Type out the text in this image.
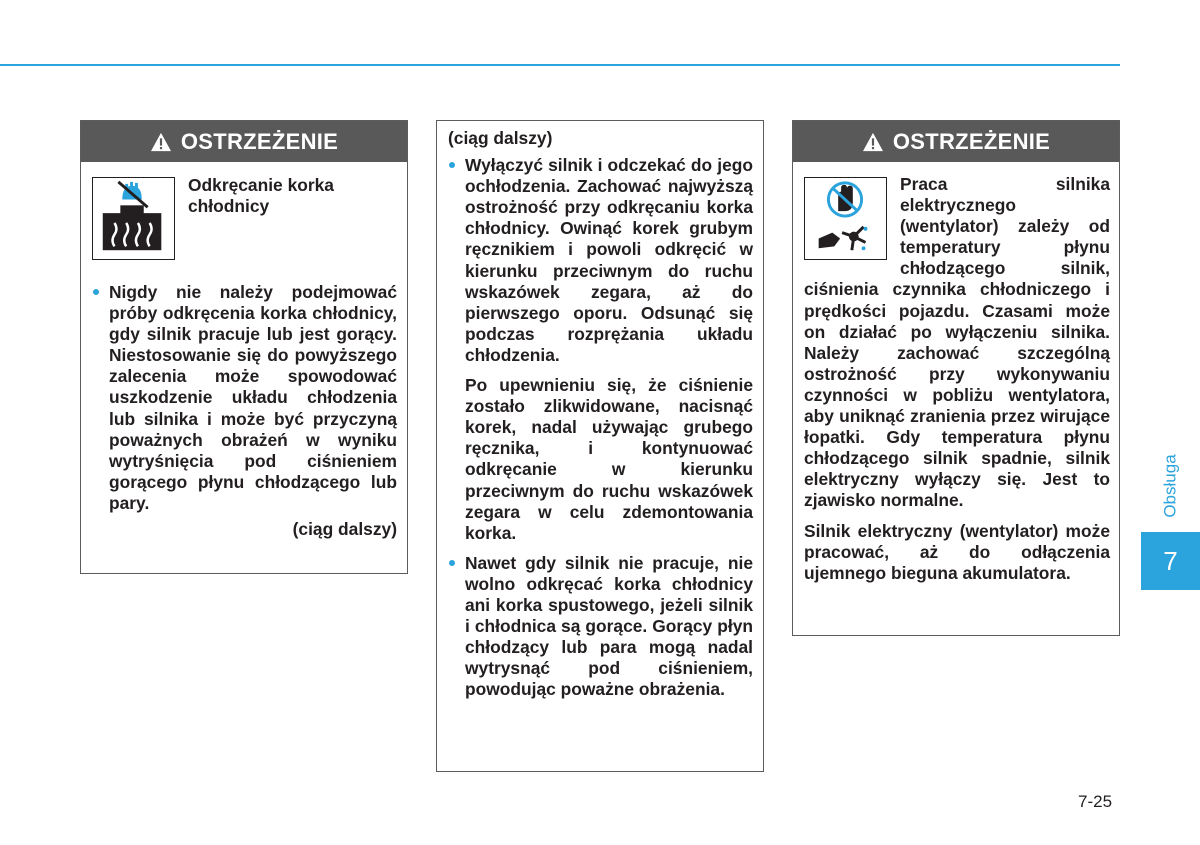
OSTRZEŻENIE
Odkręcanie korka chłodnicy

Nigdy nie należy podejmować próby odkręcenia korka chłodnicy, gdy silnik pracuje lub jest gorący. Niestosowanie się do powyższego zalecenia może spowodować uszkodzenie układu chłodzenia lub silnika i może być przyczyną poważnych obrażeń w wyniku wytryśnięcia pod ciśnieniem gorącego płynu chłodzącego lub pary.

(ciąg dalszy)

(ciąg dalszy)

Wyłączyć silnik i odczekać do jego ochłodzenia. Zachować najwyższą ostrożność przy odkręcaniu korka chłodnicy. Owinąć korek grubym ręcznikiem i powoli odkręcić w kierunku przeciwnym do ruchu wskazówek zegara, aż do pierwszego oporu. Odsunąć się podczas rozprężania układu chłodzenia.

Po upewnieniu się, że ciśnienie zostało zlikwidowane, nacisnąć korek, nadal używając grubego ręcznika, i kontynuować odkręcanie w kierunku przeciwnym do ruchu wskazówek zegara w celu zdemontowania korka.

Nawet gdy silnik nie pracuje, nie wolno odkręcać korka chłodnicy ani korka spustowego, jeżeli silnik i chłodnica są gorące. Gorący płyn chłodzący lub para mogą nadal wytrysnąć pod ciśnieniem, powodując poważne obrażenia.

OSTRZEŻENIE

Praca silnika elektrycznego (wentylator) zależy od temperatury płynu chłodzącego silnik, ciśnienia czynnika chłodniczego i prędkości pojazdu. Czasami może on działać po wyłączeniu silnika. Należy zachować szczególną ostrożność przy wykonywaniu czynności w pobliżu wentylatora, aby uniknąć zranienia przez wirujące łopatki. Gdy temperatura płynu chłodzącego silnik spadnie, silnik elektryczny wyłączy się. Jest to zjawisko normalne.

Silnik elektryczny (wentylator) może pracować, aż do odłączenia ujemnego bieguna akumulatora.

Obsługa
7
7-25
